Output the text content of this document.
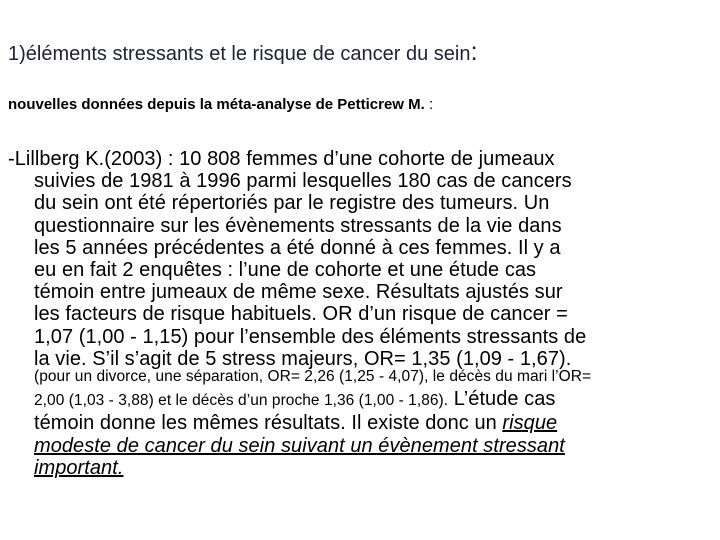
1)éléments stressants et le risque de cancer du sein:
nouvelles données depuis la méta-analyse de Petticrew M. :
-Lillberg K.(2003) : 10 808 femmes d’une cohorte de jumeaux
suivies de 1981 à 1996 parmi lesquelles 180 cas de cancers
du sein ont été répertoriés par le registre des tumeurs. Un
questionnaire sur les évènements stressants de la vie dans
les 5 années précédentes a été donné à ces femmes. Il y a
eu en fait 2 enquêtes : l’une de cohorte et une étude cas
témoin entre jumeaux de même sexe. Résultats ajustés sur
les facteurs de risque habituels. OR d’un risque de cancer =
1,07 (1,00 - 1,15) pour l’ensemble des éléments stressants de
la vie. S’il s’agit de 5 stress majeurs, OR= 1,35 (1,09 - 1,67).
(pour un divorce, une séparation, OR= 2,26 (1,25 - 4,07), le décès du mari l’OR=
2,00 (1,03 - 3,88) et le décès d’un proche 1,36 (1,00 - 1,86). L’étude cas
témoin donne les mêmes résultats. Il existe donc un risque
modeste de cancer du sein suivant un évènement stressant
important.
